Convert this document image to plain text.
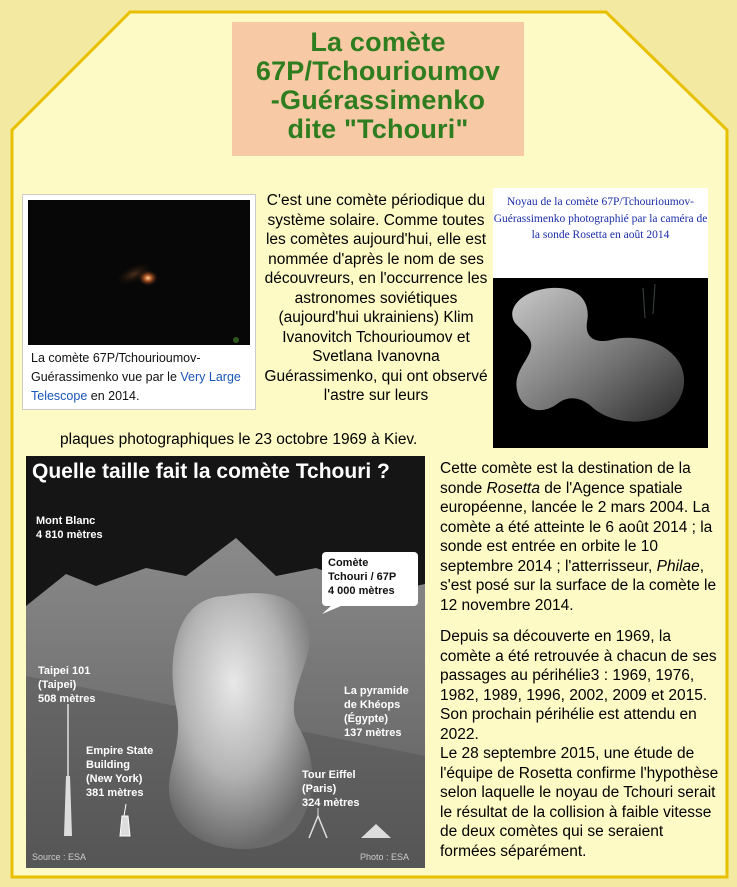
La comète
67P/Tchourioumov
-Guérassimenko
dite "Tchouri"
La comète 67P/Tchourioumov-Guérassimenko vue par le Very Large Telescope en 2014.
C'est une comète périodique du système solaire. Comme toutes les comètes aujourd'hui, elle est nommée d'après le nom de ses découvreurs, en l'occurrence les astronomes soviétiques (aujourd'hui ukrainiens) Klim Ivanovitch Tchourioumov et Svetlana Ivanovna Guérassimenko, qui ont observé l'astre sur leurs
plaques photographiques le 23 octobre 1969 à Kiev.
Noyau de la comète 67P/Tchourioumov-Guérassimenko photographié par la caméra de la sonde Rosetta en août 2014
Quelle taille fait la comète Tchouri ?
Mont Blanc
4 810 mètres
Comète
Tchouri / 67P
4 000 mètres
Taipei 101
(Taipei)
508 mètres
La pyramide
de Khéops
(Égypte)
137 mètres
Empire State
Building
(New York)
381 mètres
Tour Eiffel
(Paris)
324 mètres
Source : ESA	Photo : ESA

Cette comète est la destination de la sonde Rosetta de l'Agence spatiale européenne, lancée le 2 mars 2004. La comète a été atteinte le 6 août 2014 ; la sonde est entrée en orbite le 10 septembre 2014 ; l'atterrisseur, Philae, s'est posé sur la surface de la comète le 12 novembre 2014.

Depuis sa découverte en 1969, la comète a été retrouvée à chacun de ses passages au périhélie3 : 1969, 1976, 1982, 1989, 1996, 2002, 2009 et 2015. Son prochain périhélie est attendu en 2022.
Le 28 septembre 2015, une étude de l'équipe de Rosetta confirme l'hypothèse selon laquelle le noyau de Tchouri serait le résultat de la collision à faible vitesse de deux comètes qui se seraient formées séparément.
